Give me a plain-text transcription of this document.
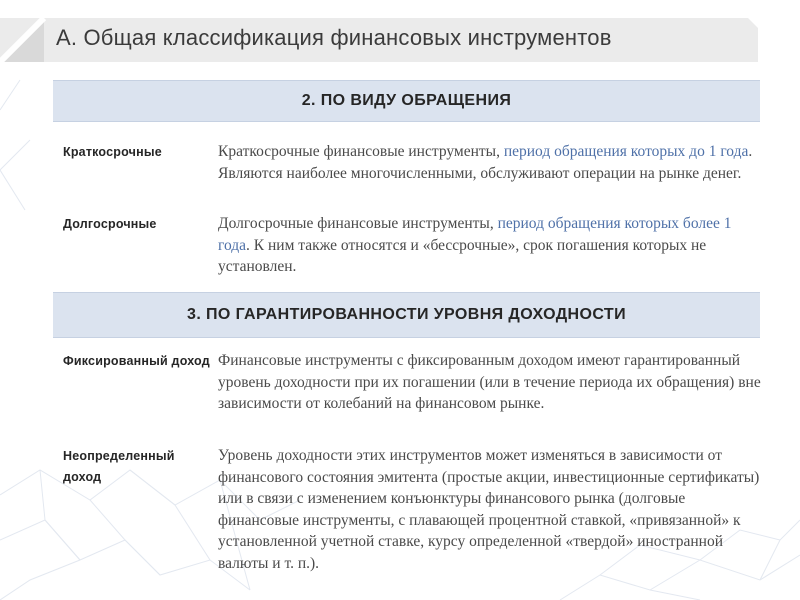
А. Общая классификация финансовых инструментов
2. ПО ВИДУ ОБРАЩЕНИЯ
Краткосрочные	Краткосрочные финансовые инструменты, период обращения которых до 1 года. Являются наиболее многочисленными, обслуживают операции на рынке денег.
Долгосрочные	Долгосрочные финансовые инструменты, период обращения которых более 1 года. К ним также относятся и «бессрочные», срок погашения которых не установлен.
3. ПО ГАРАНТИРОВАННОСТИ УРОВНЯ ДОХОДНОСТИ
Фиксированный доход Финансовые инструменты с фиксированным доходом имеют гарантированный уровень доходности при их погашении (или в течение периода их обращения) вне зависимости от колебаний на финансовом рынке.
Неопределенный доход
Уровень доходности этих инструментов может изменяться в зависимости от финансового состояния эмитента (простые акции, инвестиционные сертификаты) или в связи с изменением конъюнктуры финансового рынка (долговые финансовые инструменты, с плавающей процентной ставкой, «привязанной» к установленной учетной ставке, курсу определенной «твердой» иностранной валюты и т. п.).
